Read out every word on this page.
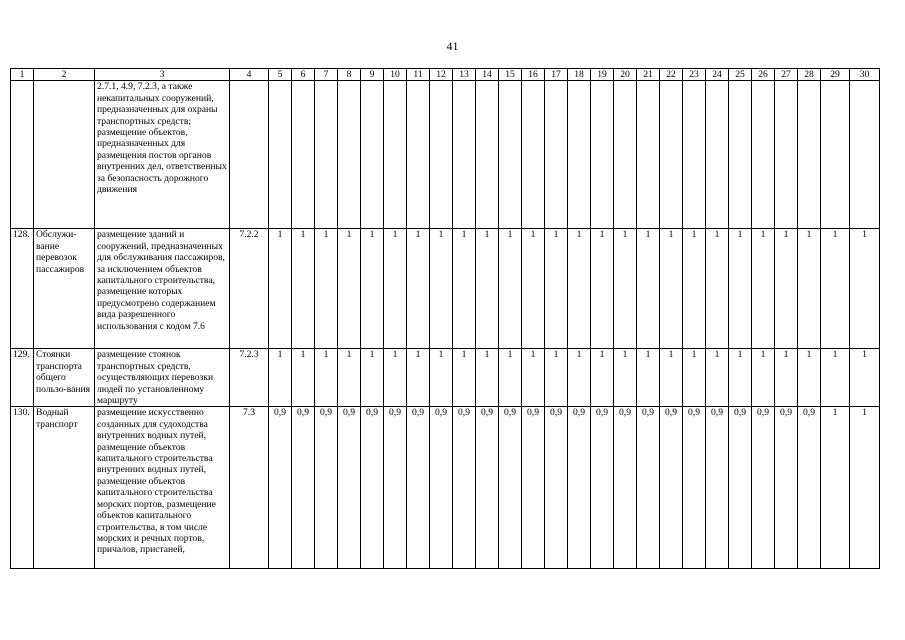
41
1	2	3	4	5	6	7	8	9	10	11	12	13	14	15	16	17	18	19	20	21	22	23	24	25	26	27	28	29	30
		2.7.1, 4.9, 7.2.3, а также некапитальных сооружений, предназначенных для охраны транспортных средств; размещение объектов, предназначенных для размещения постов органов внутренних дел, ответственных за безопасность дорожного движения																											
128.	Обслужи-вание перевозок пассажиров	размещение зданий и сооружений, предназначенных для обслуживания пассажиров, за исключением объектов капитального строительства, размещение которых предусмотрено содержанием вида разрешенного использования с кодом 7.6	7.2.2	1	1	1	1	1	1	1	1	1	1	1	1	1	1	1	1	1	1	1	1	1	1	1	1	1	1
129.	Стоянки транспорта общего пользо-вания	размещение стоянок транспортных средств, осуществляющих перевозки людей по установленному маршруту	7.2.3	1	1	1	1	1	1	1	1	1	1	1	1	1	1	1	1	1	1	1	1	1	1	1	1	1	1
130.	Водный транспорт	размещение искусственно созданных для судоходства внутренних водных путей, размещение объектов капитального строительства внутренних водных путей, размещение объектов капитального строительства морских портов, размещение объектов капитального строительства, в том числе морских и речных портов, причалов, пристаней,	7.3	0,9	0,9	0,9	0,9	0,9	0,9	0,9	0,9	0,9	0,9	0,9	0,9	0,9	0,9	0,9	0,9	0,9	0,9	0,9	0,9	0,9	0,9	0,9	0,9	1	1
